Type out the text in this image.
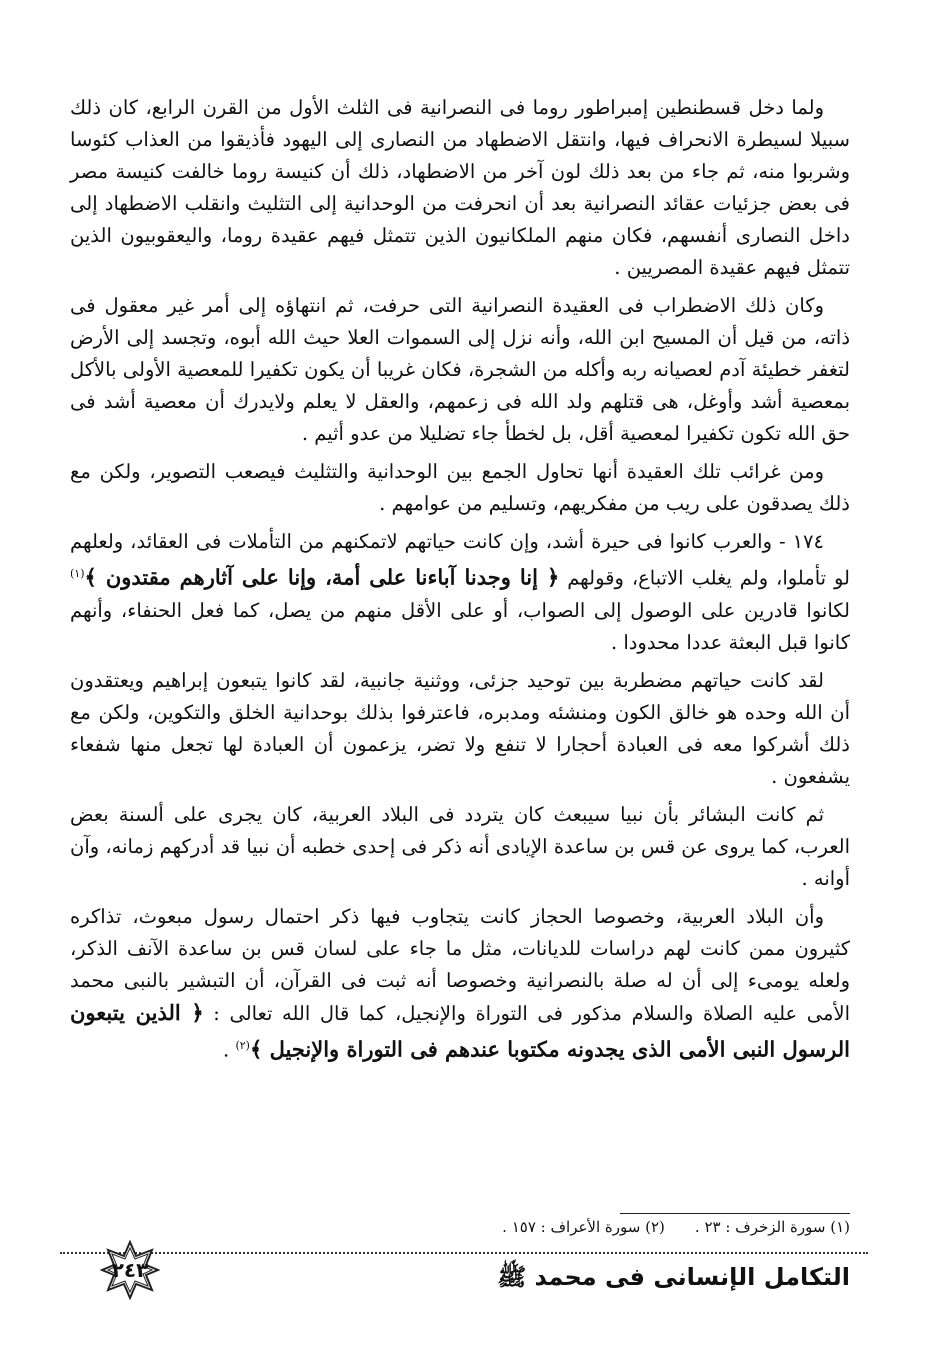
ولما دخل قسطنطين إمبراطور روما فى النصرانية فى الثلث الأول من القرن الرابع، كان ذلك سبيلا لسيطرة الانحراف فيها، وانتقل الاضطهاد من النصارى إلى اليهود فأذيقوا من العذاب كئوسا وشربوا منه، ثم جاء من بعد ذلك لون آخر من الاضطهاد، ذلك أن كنيسة روما خالفت كنيسة مصر فى بعض جزئيات عقائد النصرانية بعد أن انحرفت من الوحدانية إلى التثليث وانقلب الاضطهاد إلى داخل النصارى أنفسهم، فكان منهم الملكانيون الذين تتمثل فيهم عقيدة روما، واليعقوبيون الذين تتمثل فيهم عقيدة المصريين .

وكان ذلك الاضطراب فى العقيدة النصرانية التى حرفت، ثم انتهاؤه إلى أمر غير معقول فى ذاته، من قيل أن المسيح ابن الله، وأنه نزل إلى السموات العلا حيث الله أبوه، وتجسد إلى الأرض لتغفر خطيئة آدم لعصيانه ربه وأكله من الشجرة، فكان غريبا أن يكون تكفيرا للمعصية الأولى بالأكل بمعصية أشد وأوغل، هى قتلهم ولد الله فى زعمهم، والعقل لا يعلم ولايدرك أن معصية أشد فى حق الله تكون تكفيرا لمعصية أقل، بل لخطأ جاء تضليلا من عدو أثيم .

ومن غرائب تلك العقيدة أنها تحاول الجمع بين الوحدانية والتثليث فيصعب التصوير، ولكن مع ذلك يصدقون على ريب من مفكريهم، وتسليم من عوامهم .

١٧٤ - والعرب كانوا فى حيرة أشد، وإن كانت حياتهم لاتمكنهم من التأملات فى العقائد، ولعلهم لو تأملوا، ولم يغلب الاتباع، وقولهم ﴿ إنا وجدنا آباءنا على أمة، وإنا على آثارهم مقتدون ﴾$^{(١)}$ لكانوا قادرين على الوصول إلى الصواب، أو على الأقل منهم من يصل، كما فعل الحنفاء، وأنهم كانوا قبل البعثة عددا محدودا .

لقد كانت حياتهم مضطربة بين توحيد جزئى، ووثنية جانبية، لقد كانوا يتبعون إبراهيم ويعتقدون أن الله وحده هو خالق الكون ومنشئه ومدبره، فاعترفوا بذلك بوحدانية الخلق والتكوين، ولكن مع ذلك أشركوا معه فى العبادة أحجارا لا تنفع ولا تضر، يزعمون أن العبادة لها تجعل منها شفعاء يشفعون .

ثم كانت البشائر بأن نبيا سيبعث كان يتردد فى البلاد العربية، كان يجرى على ألسنة بعض العرب، كما يروى عن قس بن ساعدة الإيادى أنه ذكر فى إحدى خطبه أن نبيا قد أدركهم زمانه، وآن أوانه .

وأن البلاد العربية، وخصوصا الحجاز كانت يتجاوب فيها ذكر احتمال رسول مبعوث، تذاكره كثيرون ممن كانت لهم دراسات للديانات، مثل ما جاء على لسان قس بن ساعدة الآنف الذكر، ولعله يومىء إلى أن له صلة بالنصرانية وخصوصا أنه ثبت فى القرآن، أن التبشير بالنبى محمد الأمى عليه الصلاة والسلام مذكور فى التوراة والإنجيل، كما قال الله تعالى : ﴿ الذين يتبعون الرسول النبى الأمى الذى يجدونه مكتوبا عندهم فى التوراة والإنجيل ﴾$^{(٢)}$ .

(١) سورة الزخرف : ٢٣ .
(٢) سورة الأعراف : ١٥٧ .
٢٤٣	التكامل الإنسانى فى محمد ﷺ
